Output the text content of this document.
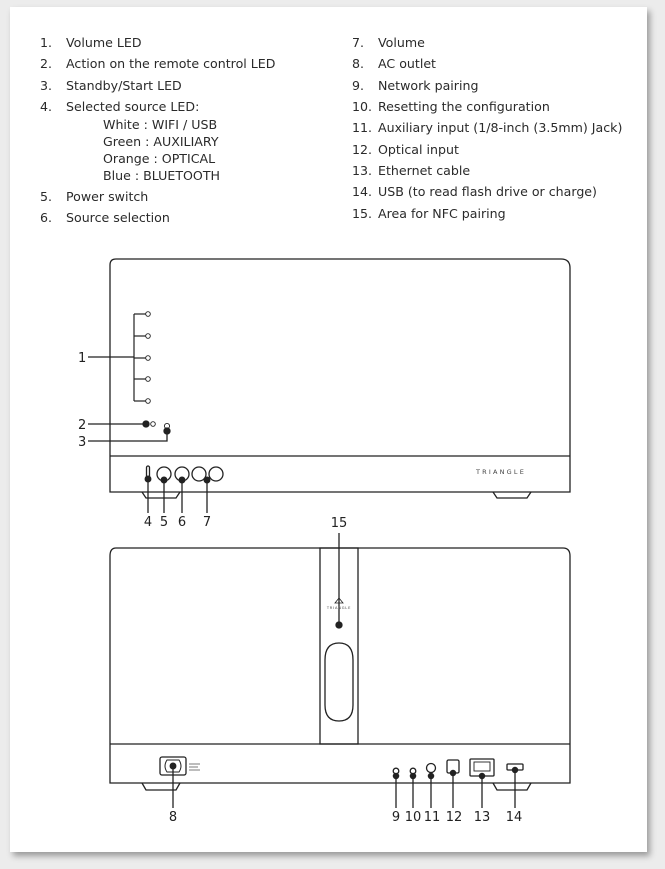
1. Volume LED
2. Action on the remote control LED
3. Standby/Start LED
4. Selected source LED:
White : WIFI / USB
Green : AUXILIARY
Orange : OPTICAL
Blue : BLUETOOTH
5. Power switch
6. Source selection
7. Volume
8. AC outlet
9. Network pairing
10. Resetting the configuration
11. Auxiliary input (1/8-inch (3.5mm) Jack)
12. Optical input
13. Ethernet cable
14. USB (to read flash drive or charge)
15. Area for NFC pairing
TRIANGLE
TRIANGLE
1
2
3
4 5 6 7	15
8	9 10 11 12 13 14
